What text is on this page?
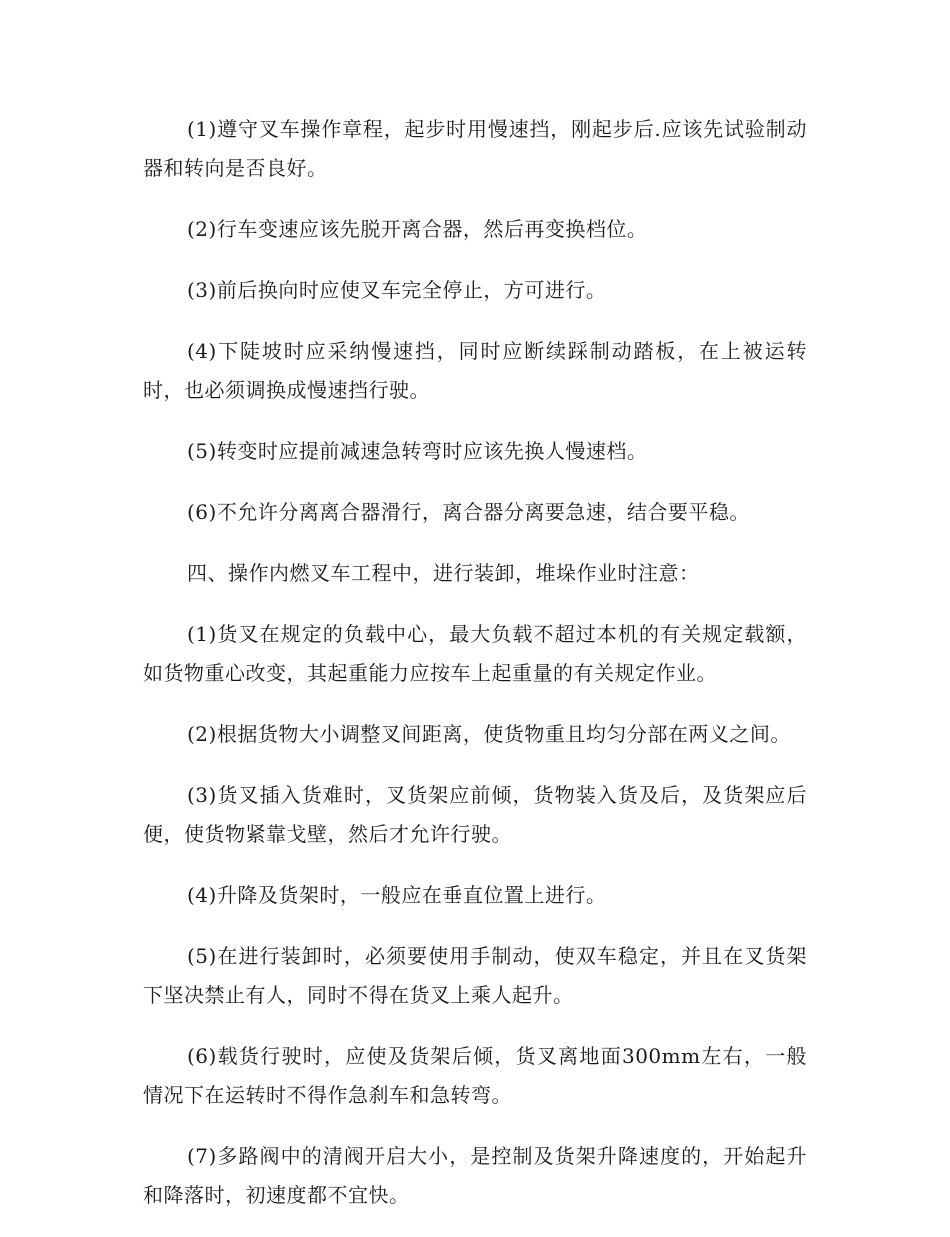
(1)遵守叉车操作章程，起步时用慢速挡，刚起步后.应该先试验制动器和转向是否良好。

(2)行车变速应该先脱开离合器，然后再变换档位。

(3)前后换向时应使叉车完全停止，方可进行。

(4)下陡坡时应采纳慢速挡，同时应断续踩制动踏板，在上被运转时，也必须调换成慢速挡行驶。

(5)转变时应提前减速急转弯时应该先换人慢速档。

(6)不允许分离离合器滑行，离合器分离要急速，结合要平稳。

四、操作内燃叉车工程中，进行装卸，堆垛作业时注意：

(1)货叉在规定的负载中心，最大负载不超过本机的有关规定载额，如货物重心改变，其起重能力应按车上起重量的有关规定作业。

(2)根据货物大小调整叉间距离，使货物重且均匀分部在两义之间。

(3)货叉插入货难时，叉货架应前倾，货物装入货及后，及货架应后便，使货物紧靠戈壁，然后才允许行驶。

(4)升降及货架时，一般应在垂直位置上进行。

(5)在进行装卸时，必须要使用手制动，使双车稳定，并且在叉货架下坚决禁止有人，同时不得在货叉上乘人起升。

(6)载货行驶时，应使及货架后倾，货叉离地面300mm左右，一般情况下在运转时不得作急刹车和急转弯。

(7)多路阀中的清阀开启大小，是控制及货架升降速度的，开始起升和降落时，初速度都不宜快。
